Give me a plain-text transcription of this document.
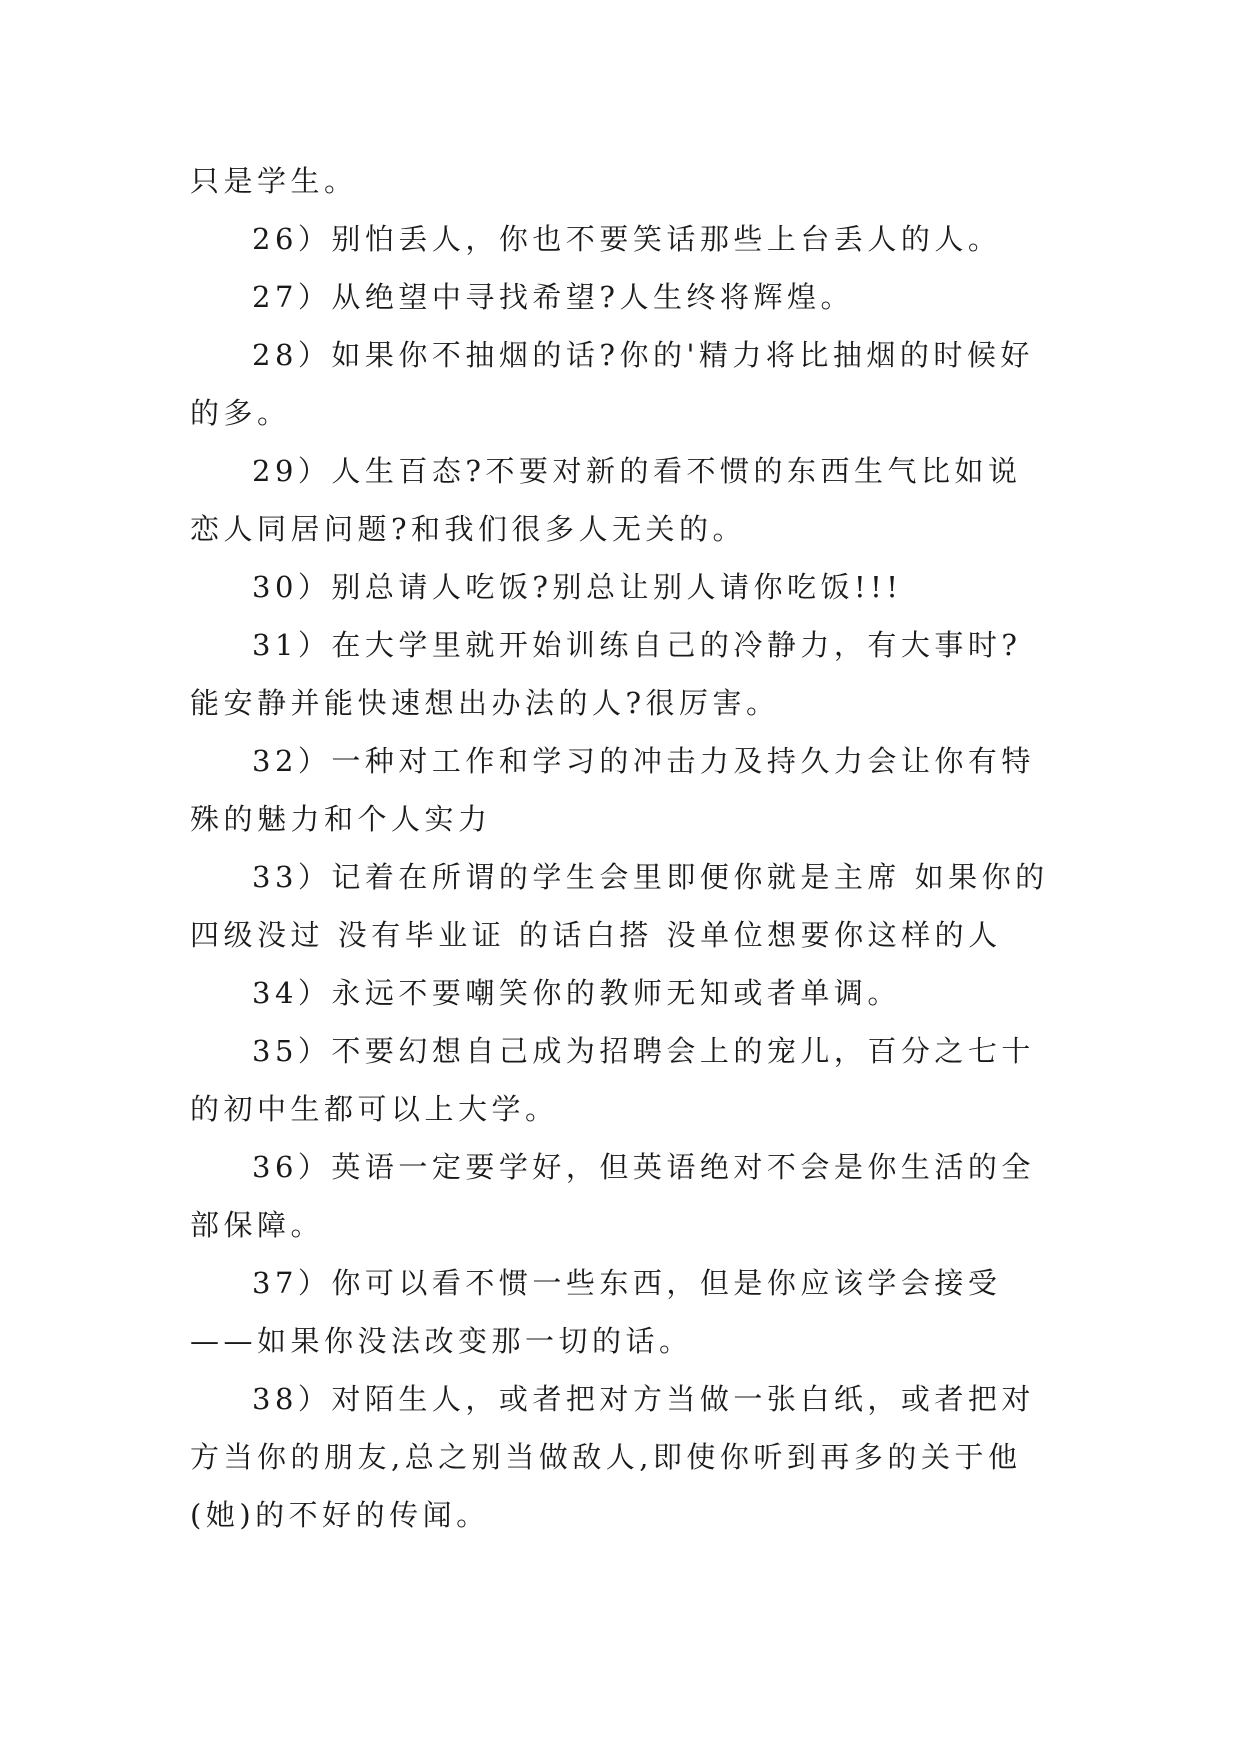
只是学生。

26）别怕丢人，你也不要笑话那些上台丢人的人。

27）从绝望中寻找希望?人生终将辉煌。

28）如果你不抽烟的话?你的'精力将比抽烟的时候好的多。

29）人生百态?不要对新的看不惯的东西生气比如说恋人同居问题?和我们很多人无关的。

30）别总请人吃饭?别总让别人请你吃饭!!!

31）在大学里就开始训练自己的冷静力，有大事时?能安静并能快速想出办法的人?很厉害。

32）一种对工作和学习的冲击力及持久力会让你有特殊的魅力和个人实力

33）记着在所谓的学生会里即便你就是主席 如果你的四级没过 没有毕业证 的话白搭 没单位想要你这样的人

34）永远不要嘲笑你的教师无知或者单调。

35）不要幻想自己成为招聘会上的宠儿，百分之七十的初中生都可以上大学。

36）英语一定要学好，但英语绝对不会是你生活的全部保障。

37）你可以看不惯一些东西，但是你应该学会接受——如果你没法改变那一切的话。

38）对陌生人，或者把对方当做一张白纸，或者把对方当你的朋友,总之别当做敌人,即使你听到再多的关于他(她)的不好的传闻。
